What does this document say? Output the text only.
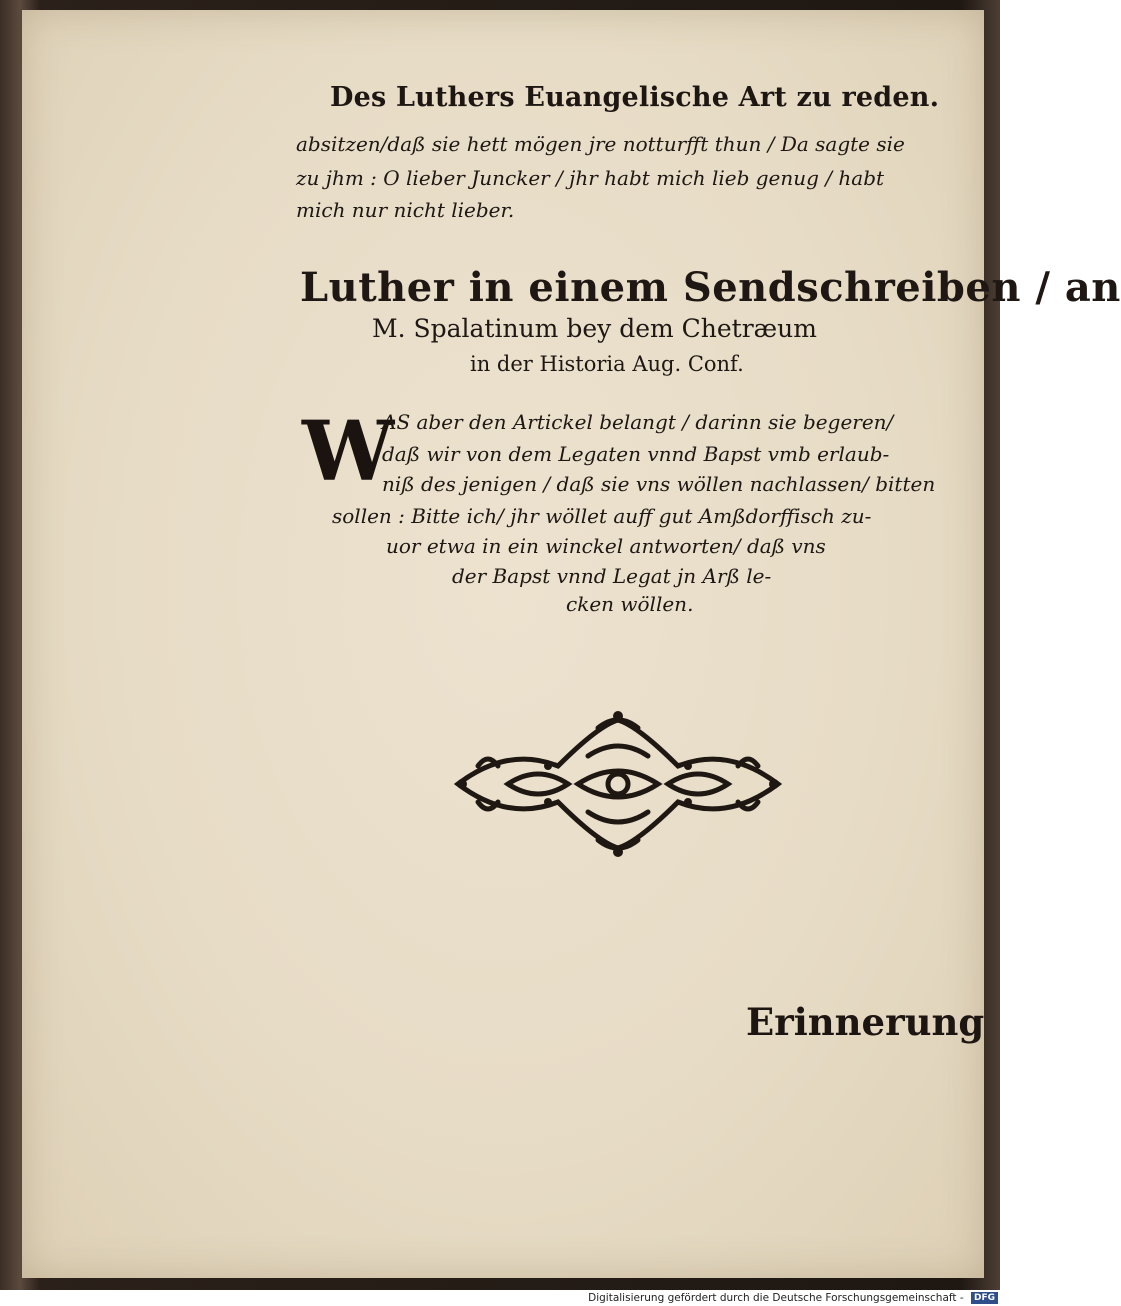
Des Luthers Euangelische Art zu reden.
absitzen/daß sie hett mögen jre notturfft thun / Da sagte sie
zu jhm : O lieber Juncker / jhr habt mich lieb genug / habt
mich nur nicht lieber.
Luther in einem Sendschreiben / an
M. Spalatinum bey dem Chetræum
in der Historia Aug. Conf.
W
AS aber den Artickel belangt / darinn sie begeren/
daß wir von dem Legaten vnnd Bapst vmb erlaub-
niß des jenigen / daß sie vns wöllen nachlassen/ bitten
sollen : Bitte ich/ jhr wöllet auff gut Amßdorffisch zu-
uor etwa in ein winckel antworten/ daß vns
der Bapst vnnd Legat jn Arß le-
cken wöllen.
Erinnerung
Digitalisierung gefördert durch die Deutsche Forschungsgemeinschaft - DFG
